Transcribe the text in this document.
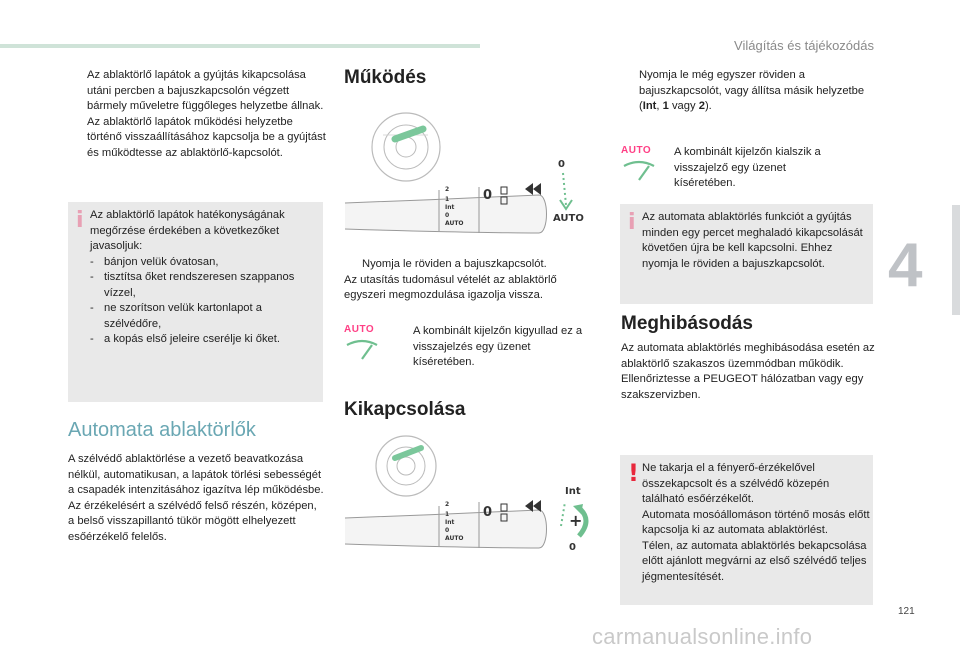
Világítás és tájékozódás
Az ablaktörlő lapátok a gyújtás kikapcsolása utáni percben a bajuszkapcsolón végzett bármely műveletre függőleges helyzetbe állnak.
Az ablaktörlő lapátok működési helyzetbe történő visszaállításához kapcsolja be a gyújtást és működtesse az ablaktörlő-kapcsolót.
i Az ablaktörlő lapátok hatékonyságának megőrzése érdekében a következőket javasoljuk:
- bánjon velük óvatosan,
- tisztítsa őket rendszeresen szappanos vízzel,
- ne szorítson velük kartonlapot a szélvédőre,
- a kopás első jeleire cserélje ki őket.
Automata ablaktörlők
A szélvédő ablaktörlése a vezető beavatkozása nélkül, automatikusan, a lapátok törlési sebességét a csapadék intenzitásához igazítva lép működésbe.
Az érzékelésért a szélvédő felső részén, középen, a belső visszapillantó tükör mögött elhelyezett esőérzékelő felelős.
Működés
2
1
Int
0
AUTO
0
0
AUTO
Nyomja le röviden a bajuszkapcsolót.
Az utasítás tudomásul vételét az ablaktörlő egyszeri megmozdulása igazolja vissza.
AUTO	A kombinált kijelzőn kigyullad ez a visszajelzés egy üzenet kíséretében.
Kikapcsolása
2
1
Int
0
AUTO
0
Int
+
0
Nyomja le még egyszer röviden a bajuszkapcsolót, vagy állítsa másik helyzetbe (Int, 1 vagy 2).
AUTO	A kombinált kijelzőn kialszik a visszajelző egy üzenet kíséretében.
i Az automata ablaktörlés funkciót a gyújtás minden egy percet meghaladó kikapcsolását követően újra be kell kapcsolni. Ehhez nyomja le röviden a bajuszkapcsolót.
Meghibásodás
Az automata ablaktörlés meghibásodása esetén az ablaktörlő szakaszos üzemmódban működik.
Ellenőriztesse a PEUGEOT hálózatban vagy egy szakszervizben.
! Ne takarja el a fényerő-érzékelővel összekapcsolt és a szélvédő közepén található esőérzékelőt.
Automata mosóállomáson történő mosás előtt kapcsolja ki az automata ablaktörlést.
Télen, az automata ablaktörlés bekapcsolása előtt ajánlott megvárni az első szélvédő teljes jégmentesítését.
4
121
carmanualsonline.info
